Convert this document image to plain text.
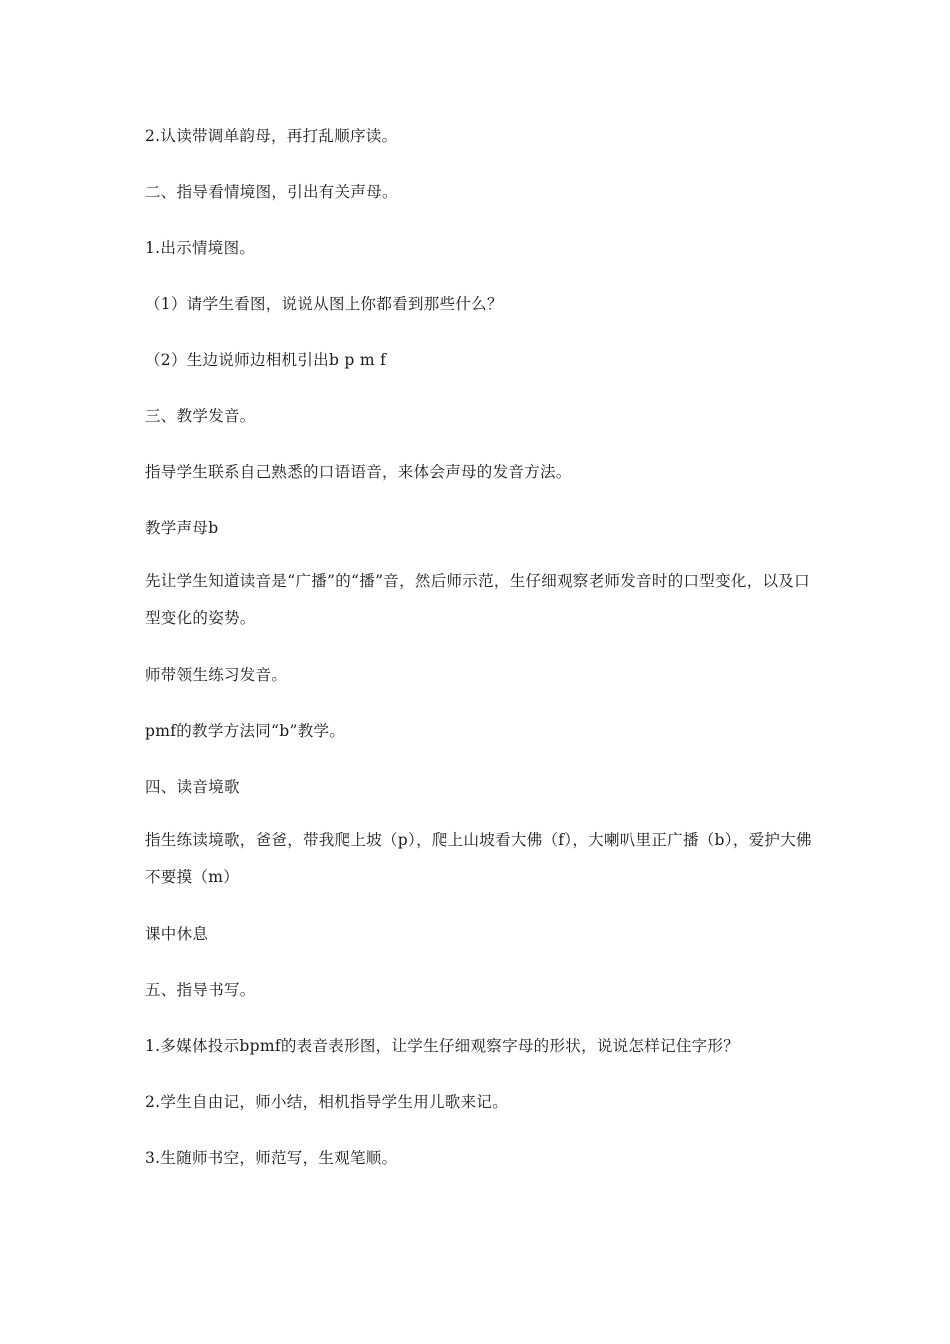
2.认读带调单韵母，再打乱顺序读。

二、指导看情境图，引出有关声母。

1.出示情境图。

（1）请学生看图，说说从图上你都看到那些什么？

（2）生边说师边相机引出b p m f

三、教学发音。

指导学生联系自己熟悉的口语语音，来体会声母的发音方法。

教学声母b

先让学生知道读音是“广播”的“播”音，然后师示范，生仔细观察老师发音时的口型变化，以及口型变化的姿势。

师带领生练习发音。

pmf的教学方法同“b”教学。

四、读音境歌

指生练读境歌，爸爸，带我爬上坡（p），爬上山坡看大佛（f），大喇叭里正广播（b），爱护大佛不要摸（m）

课中休息

五、指导书写。

1.多媒体投示bpmf的表音表形图，让学生仔细观察字母的形状，说说怎样记住字形？

2.学生自由记，师小结，相机指导学生用儿歌来记。

3.生随师书空，师范写，生观笔顺。
